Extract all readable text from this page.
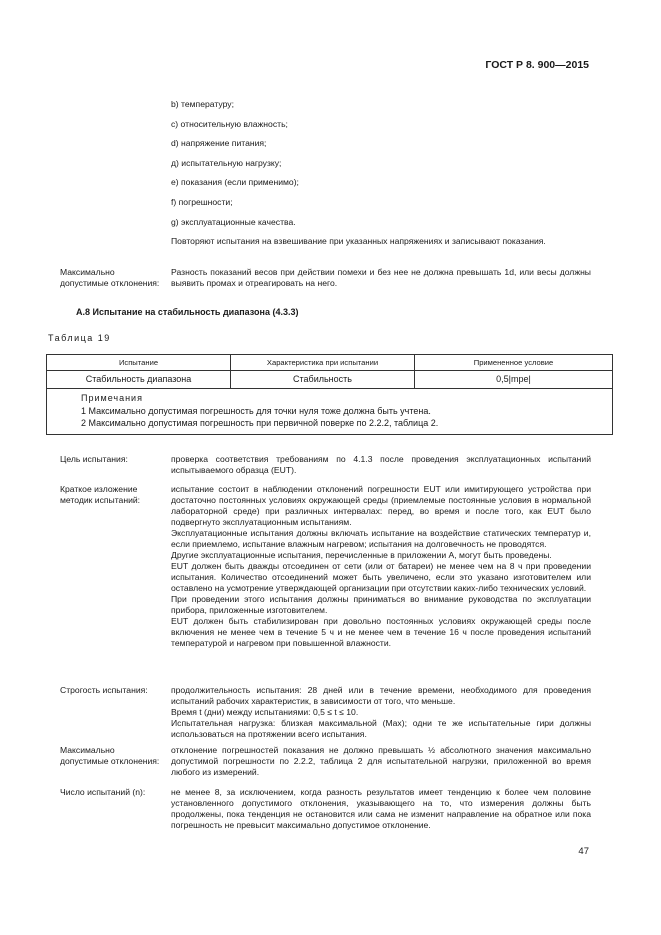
ГОСТ Р 8. 900—2015

b) температуру;

c) относительную влажность;

d) напряжение питания;

д) испытательную нагрузку;

е) показания (если применимо);

f) погрешности;

g) эксплуатационные качества.

Повторяют испытания на взвешивание при указанных напряжениях и записывают показания.

Максимально допустимые отклонения:
Разность показаний весов при действии помехи и без нее не должна превышать 1d, или весы должны выявить промах и отреагировать на него.
А.8 Испытание на стабильность диапазона (4.3.3)
Таблица 19
Испытание	Характеристика при испытании	Примененное условие
Стабильность диапазона	Стабильность	0,5|mpe|

Примечания
1 Максимально допустимая погрешность для точки нуля тоже должна быть учтена.
2 Максимально допустимая погрешность при первичной поверке по 2.2.2, таблица 2.		
Цель испытания:	проверка соответствия требованиям по 4.1.3 после проведения эксплуатационных испытаний испытываемого образца (EUT).

Краткое изложение методик испытаний:

испытание состоит в наблюдении отклонений погрешности EUT или имитирующего устройства при достаточно постоянных условиях окружающей среды (приемлемые постоянные условия в нормальной лабораторной среде) при различных интервалах: перед, во время и после того, как EUT было подвергнуто эксплуатационным испытаниям.

Эксплуатационные испытания должны включать испытание на воздействие статических температур и, если приемлемо, испытание влажным нагревом; испытания на долговечность не проводятся.

Другие эксплуатационные испытания, перечисленные в приложении А, могут быть проведены.

EUT должен быть дважды отсоединен от сети (или от батареи) не менее чем на 8 ч при проведении испытания. Количество отсоединений может быть увеличено, если это указано изготовителем или оставлено на усмотрение утверждающей организации при отсутствии каких-либо технических условий.

При проведении этого испытания должны приниматься во внимание руководства по эксплуатации прибора, приложенные изготовителем.

EUT должен быть стабилизирован при довольно постоянных условиях окружающей среды после включения не менее чем в течение 5 ч и не менее чем в течение 16 ч после проведения испытаний температурой и нагревом при повышенной влажности.

Строгость испытания:	продолжительность испытания: 28 дней или в течение времени, необходимого для проведения испытаний рабочих характеристик, в зависимости от того, что меньше.

Время t (дни) между испытаниями: 0,5 ≤ t ≤ 10.

Испытательная нагрузка: близкая максимальной (Max); одни те же испытательные гири должны использоваться на протяжении всего испытания.

Максимально допустимые отклонения:

отклонение погрешностей показания не должно превышать ½ абсолютного значения максимально допустимой погрешности по 2.2.2, таблица 2 для испытательной нагрузки, приложенной во время любого из измерений.

Число испытаний (n):	не менее 8, за исключением, когда разность результатов имеет тенденцию к более чем половине установленного допустимого отклонения, указывающего на то, что измерения должны быть продолжены, пока тенденция не остановится или сама не изменит направление на обратное или пока погрешность не превысит максимально допустимое отклонение.

47
